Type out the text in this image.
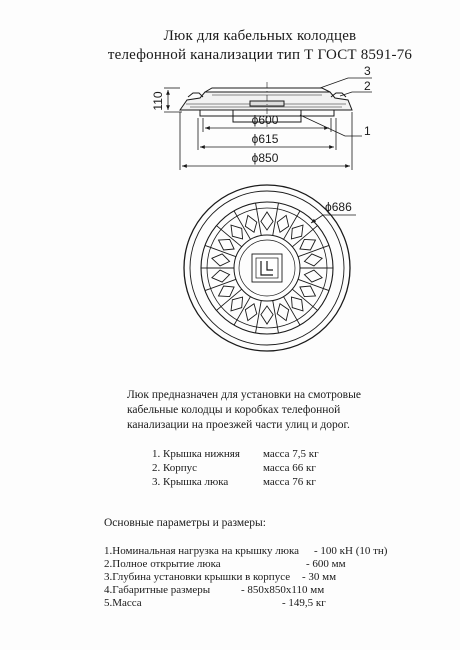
Люк для кабельных колодцев
телефонной канализации тип Т ГОСТ 8591-76
110
3
2
1
ϕ600
ϕ615
ϕ850
ϕ686
Люк предназначен для установки на смотровые
кабельные колодцы и коробках телефонной
канализации на проезжей части улиц и дорог.
1. Крышка нижняя масса 7,5 кг
2. Корпус	масса 66 кг
3. Крышка люка	масса 76 кг
Основные параметры и размеры:
1.Номинальная нагрузка на крышку люка - 100 кН (10 тн)
2.Полное открытие люка	- 600 мм
3.Глубина установки крышки в корпусе - 30 мм
4.Габаритные размеры	- 850х850х110 мм
5.Масса	- 149,5 кг
